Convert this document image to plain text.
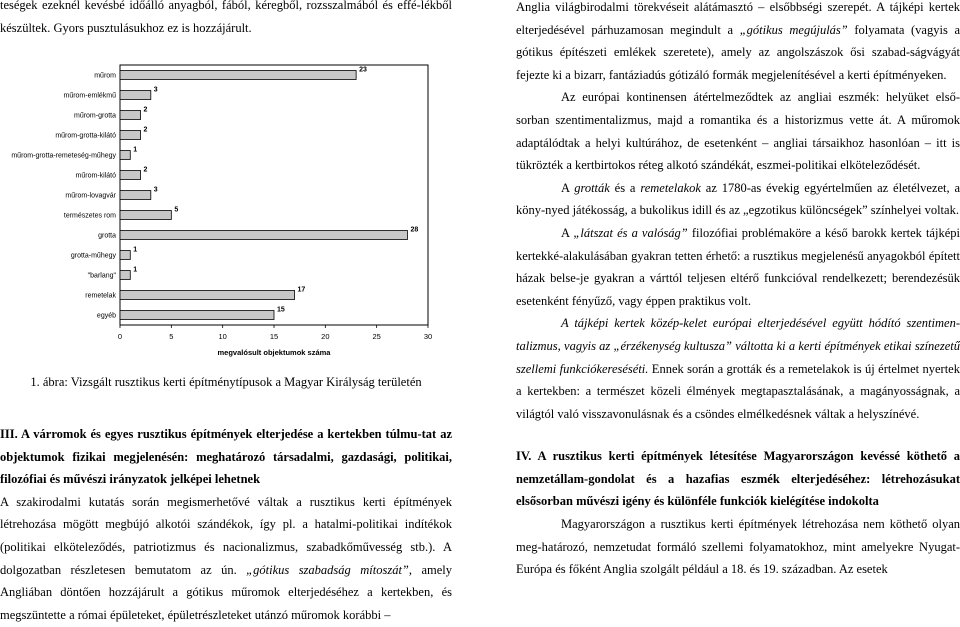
teségek ezeknél kevésbé időálló anyagból, fából, kéregből, rozsszalmából és effé-lékből készültek. Gyors pusztulásukhoz ez is hozzájárult.

műrom
műrom-emlékmű
műrom-grotta
műrom-grotta-kilátó
műrom-grotta-remeteség-műhegy
műrom-kilátó
műrom-lovagvár
természetes rom
grotta
grotta-műhegy
"barlang"
remetelak
egyéb
23
3
2
2
1
2
3
5
28
1
1
17
15
0	5	10	15	20	25	30
megvalósult objektumok száma
1. ábra: Vizsgált rusztikus kerti építménytípusok a Magyar Királyság területén

III. A várromok és egyes rusztikus építmények elterjedése a kertekben túlmu-tat az objektumok fizikai megjelenésén: meghatározó társadalmi, gazdasági, politikai, filozófiai és művészi irányzatok jelképei lehetnek

A szakirodalmi kutatás során megismerhetővé váltak a rusztikus kerti építmények létrehozása mögött megbújó alkotói szándékok, így pl. a hatalmi-politikai indítékok (politikai elköteleződés, patriotizmus és nacionalizmus, szabadkőművesség stb.). A dolgozatban részletesen bemutatom az ún. „gótikus szabadság mítoszát”, amely Angliában döntően hozzájárult a gótikus műromok elterjedéséhez a kertekben, és megszüntette a római épületeket, épületrészleteket utánzó műromok korábbi –

Anglia világbirodalmi törekvéseit alátámasztó – elsőbbségi szerepét. A tájképi kertek elterjedésével párhuzamosan megindult a „gótikus megújulás” folyamata (vagyis a gótikus építészeti emlékek szeretete), amely az angolszászok ősi szabad-ságvágyát fejezte ki a bizarr, fantáziadús gótizáló formák megjelenítésével a kerti építményeken.

Az európai kontinensen átértelmeződtek az angliai eszmék: helyüket első-sorban szentimentalizmus, majd a romantika és a historizmus vette át. A műromok adaptálódtak a helyi kultúrához, de esetenként – angliai társaikhoz hasonlóan – itt is tükrözték a kertbirtokos réteg alkotó szándékát, eszmei-politikai elköteleződését.

A grották és a remetelakok az 1780-as évekig egyértelműen az életélvezet, a köny-nyed játékosság, a bukolikus idill és az „egzotikus különcségek” színhelyei voltak.

A „látszat és a valóság” filozófiai problémaköre a késő barokk kertek tájképi kertekké-alakulásában gyakran tetten érhető: a rusztikus megjelenésű anyagokból épített házak belse-je gyakran a várttól teljesen eltérő funkcióval rendelkezett; berendezésük esetenként fényűző, vagy éppen praktikus volt.

A tájképi kertek közép-kelet európai elterjedésével együtt hódító szentimen-talizmus, vagyis az „érzékenység kultusza” váltotta ki a kerti építmények etikai színezetű szellemi funkciókereséséti. Ennek során a grották és a remetelakok is új értelmet nyertek a kertekben: a természet közeli élmények megtapasztalásának, a magányosságnak, a világtól való visszavonulásnak és a csöndes elmélkedésnek váltak a helyszínévé.

IV. A rusztikus kerti építmények létesítése Magyarországon kevéssé köthető a nemzetállam-gondolat és a hazafias eszmék elterjedéséhez: létrehozásukat elsősorban művészi igény és különféle funkciók kielégítése indokolta

Magyarországon a rusztikus kerti építmények létrehozása nem köthető olyan meg-határozó, nemzetudat formáló szellemi folyamatokhoz, mint amelyekre Nyugat-Európa és főként Anglia szolgált például a 18. és 19. században. Az esetek
